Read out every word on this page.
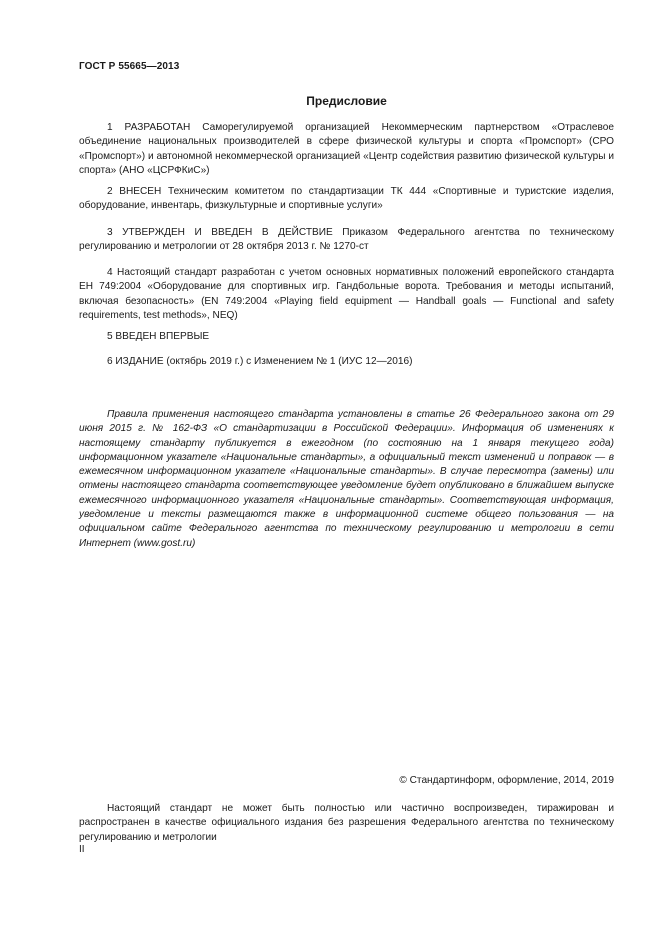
ГОСТ Р 55665—2013
Предисловие

1 РАЗРАБОТАН Саморегулируемой организацией Некоммерческим партнерством «Отраслевое объединение национальных производителей в сфере физической культуры и спорта «Промспорт» (СРО «Промспорт») и автономной некоммерческой организацией «Центр содействия развитию физической культуры и спорта» (АНО «ЦСРФКиС»)

2 ВНЕСЕН Техническим комитетом по стандартизации ТК 444 «Спортивные и туристские изделия, оборудование, инвентарь, физкультурные и спортивные услуги»

3 УТВЕРЖДЕН И ВВЕДЕН В ДЕЙСТВИЕ Приказом Федерального агентства по техническому регулированию и метрологии от 28 октября 2013 г. № 1270-ст

4 Настоящий стандарт разработан с учетом основных нормативных положений европейского стандарта ЕН 749:2004 «Оборудование для спортивных игр. Гандбольные ворота. Требования и методы испытаний, включая безопасность» (EN 749:2004 «Playing field equipment — Handball goals — Functional and safety requirements, test methods», NEQ)

5 ВВЕДЕН ВПЕРВЫЕ

6 ИЗДАНИЕ (октябрь 2019 г.) с Изменением № 1 (ИУС 12—2016)

Правила применения настоящего стандарта установлены в статье 26 Федерального закона от 29 июня 2015 г. № 162-ФЗ «О стандартизации в Российской Федерации». Информация об изменениях к настоящему стандарту публикуется в ежегодном (по состоянию на 1 января текущего года) информационном указателе «Национальные стандарты», а официальный текст изменений и поправок — в ежемесячном информационном указателе «Национальные стандарты». В случае пересмотра (замены) или отмены настоящего стандарта соответствующее уведомление будет опубликовано в ближайшем выпуске ежемесячного информационного указателя «Национальные стандарты». Соответствующая информация, уведомление и тексты размещаются также в информационной системе общего пользования — на официальном сайте Федерального агентства по техническому регулированию и метрологии в сети Интернет (www.gost.ru)

© Стандартинформ, оформление, 2014, 2019

Настоящий стандарт не может быть полностью или частично воспроизведен, тиражирован и распространен в качестве официального издания без разрешения Федерального агентства по техническому регулированию и метрологии

II
